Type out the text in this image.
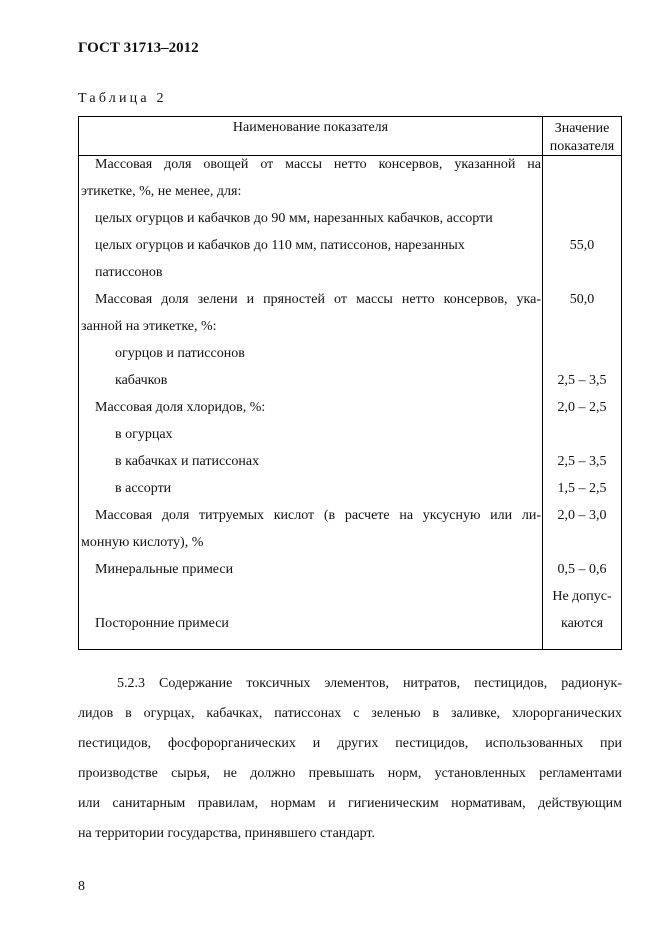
ГОСТ 31713–2012
Таблица 2
Наименование показателя	Значение
показателя
Массовая доля овощей от массы нетто консервов, указанной на
этикетке, %, не менее, для:
целых огурцов и кабачков до 90 мм, нарезанных кабачков, ассорти
целых огурцов и кабачков до 110 мм, патиссонов, нарезанных
патиссонов
Массовая доля зелени и пряностей от массы нетто консервов, ука-
занной на этикетке, %:
огурцов и патиссонов
кабачков
Массовая доля хлоридов, %:
в огурцах
в кабачках и патиссонах
в ассорти
Массовая доля титруемых кислот (в расчете на уксусную или ли-
монную кислоту), %
Минеральные примеси
Посторонние примеси
55,0
50,0
2,5 – 3,5
2,0 – 2,5
2,5 – 3,5
1,5 – 2,5
2,0 – 3,0
0,5 – 0,6
Не допус-
каются
5.2.3 Содержание токсичных элементов, нитратов, пестицидов, радионук-
лидов в огурцах, кабачках, патиссонах с зеленью в заливке, хлорорганических
пестицидов, фосфорорганических и других пестицидов, использованных при
производстве сырья, не должно превышать норм, установленных регламентами
или санитарным правилам, нормам и гигиеническим нормативам, действующим
на территории государства, принявшего стандарт.
8
